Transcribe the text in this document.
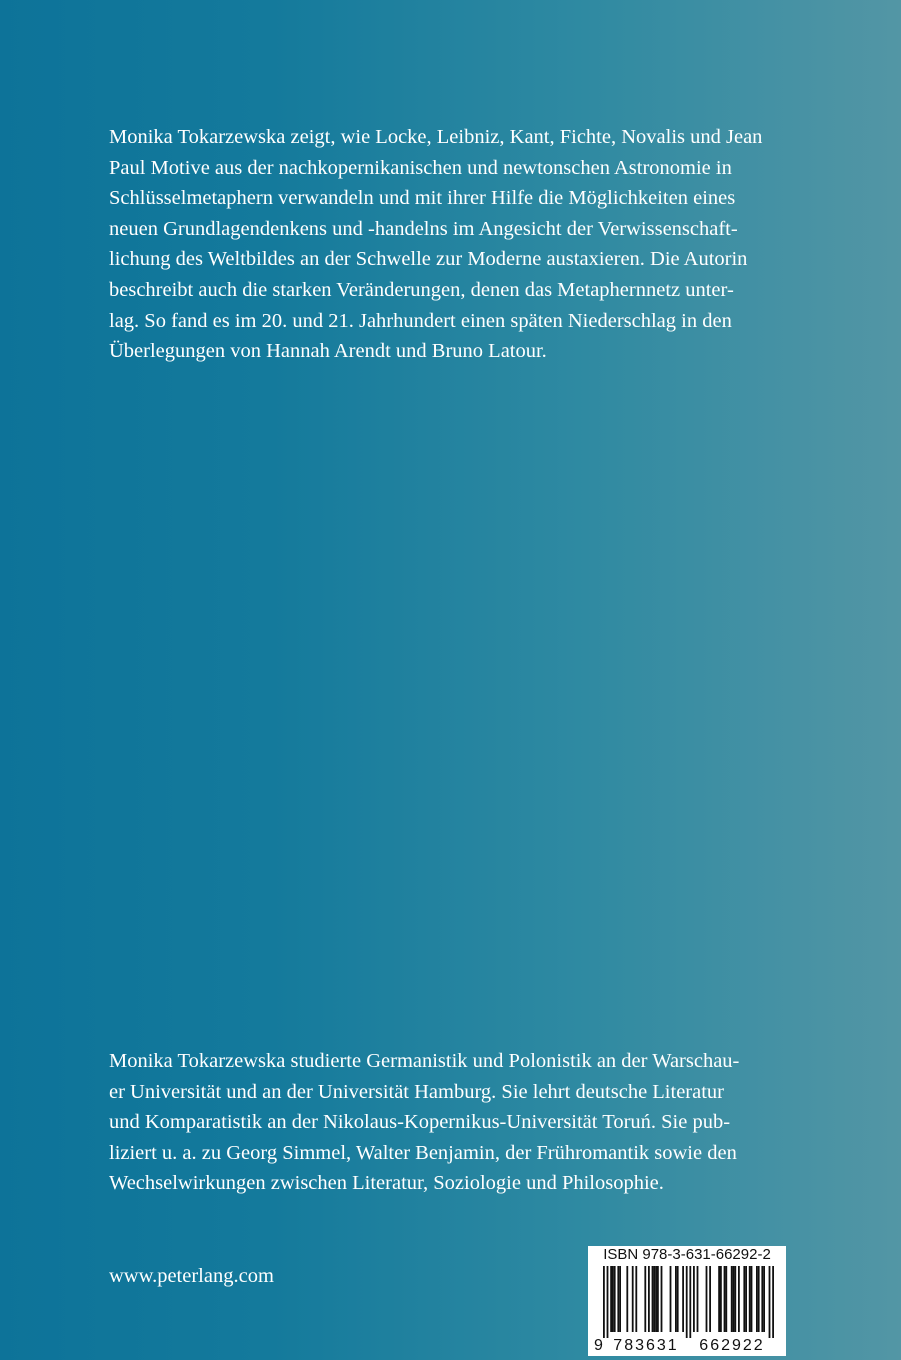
Monika Tokarzewska zeigt, wie Locke, Leibniz, Kant, Fichte, Novalis und Jean
Paul Motive aus der nachkopernikanischen und newtonschen Astronomie in
Schlüsselmetaphern verwandeln und mit ihrer Hilfe die Möglichkeiten eines
neuen Grundlagendenkens und -handelns im Angesicht der Verwissenschaft-
lichung des Weltbildes an der Schwelle zur Moderne austaxieren. Die Autorin
beschreibt auch die starken Veränderungen, denen das Metaphernnetz unter-
lag. So fand es im 20. und 21. Jahrhundert einen späten Niederschlag in den
Überlegungen von Hannah Arendt und Bruno Latour.

Monika Tokarzewska studierte Germanistik und Polonistik an der Warschau-
er Universität und an der Universität Hamburg. Sie lehrt deutsche Literatur
und Komparatistik an der Nikolaus-Kopernikus-Universität Toruń. Sie pub-
liziert u. a. zu Georg Simmel, Walter Benjamin, der Frühromantik sowie den
Wechselwirkungen zwischen Literatur, Soziologie und Philosophie.

www.peterlang.com
ISBN 978-3-631-66292-2
9 783631 662922
